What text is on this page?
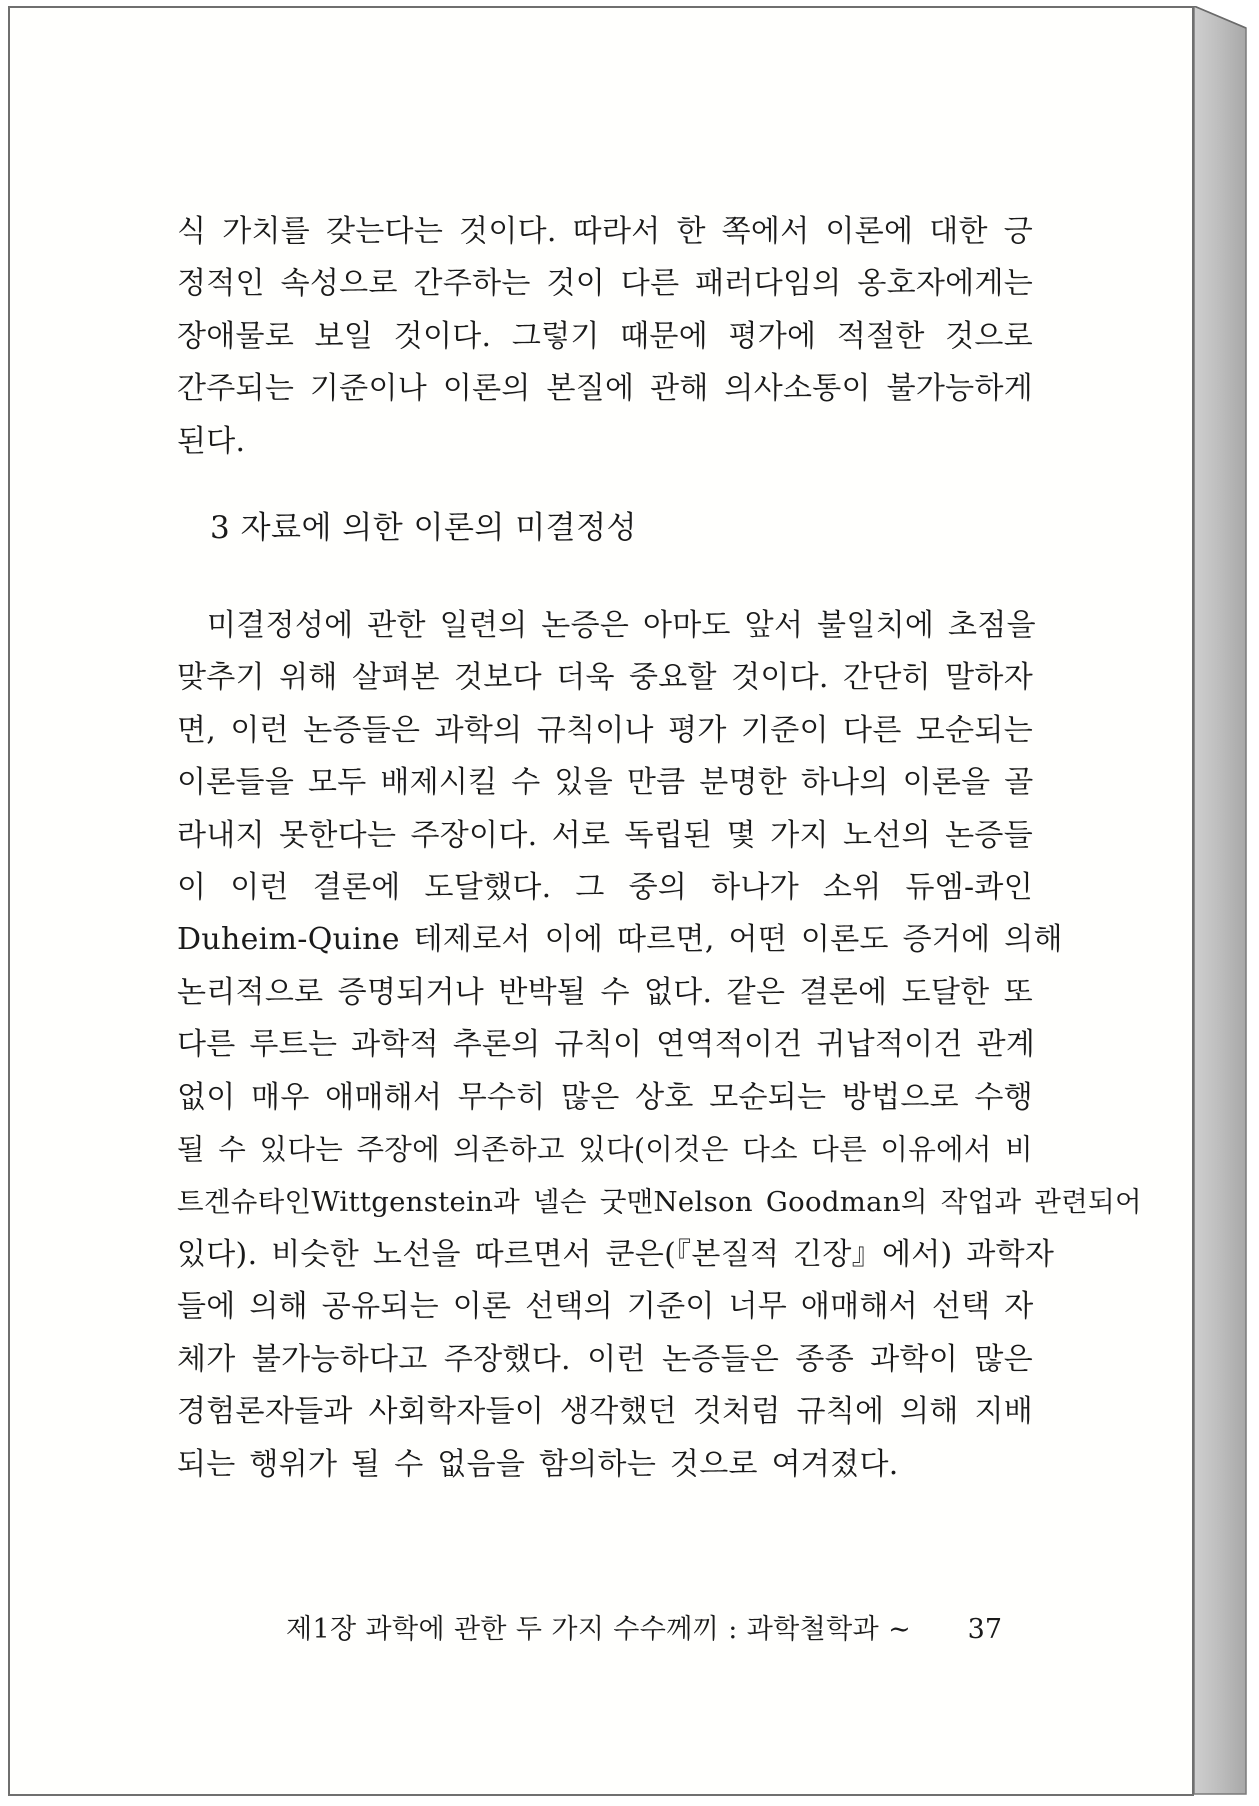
식 가치를 갖는다는 것이다. 따라서 한 쪽에서 이론에 대한 긍
정적인 속성으로 간주하는 것이 다른 패러다임의 옹호자에게는
장애물로 보일 것이다. 그렇기 때문에 평가에 적절한 것으로
간주되는 기준이나 이론의 본질에 관해 의사소통이 불가능하게
된다.

3 자료에 의한 이론의 미결정성

미결정성에 관한 일련의 논증은 아마도 앞서 불일치에 초점을
맞추기 위해 살펴본 것보다 더욱 중요할 것이다. 간단히 말하자
면, 이런 논증들은 과학의 규칙이나 평가 기준이 다른 모순되는
이론들을 모두 배제시킬 수 있을 만큼 분명한 하나의 이론을 골
라내지 못한다는 주장이다. 서로 독립된 몇 가지 노선의 논증들
이 이런 결론에 도달했다. 그 중의 하나가 소위 듀엠-콰인
Duheim-Quine 테제로서 이에 따르면, 어떤 이론도 증거에 의해
논리적으로 증명되거나 반박될 수 없다. 같은 결론에 도달한 또
다른 루트는 과학적 추론의 규칙이 연역적이건 귀납적이건 관계
없이 매우 애매해서 무수히 많은 상호 모순되는 방법으로 수행
될 수 있다는 주장에 의존하고 있다(이것은 다소 다른 이유에서 비
트겐슈타인Wittgenstein과 넬슨 굿맨Nelson Goodman의 작업과 관련되어
있다). 비슷한 노선을 따르면서 쿤은(『본질적 긴장』에서) 과학자
들에 의해 공유되는 이론 선택의 기준이 너무 애매해서 선택 자
체가 불가능하다고 주장했다. 이런 논증들은 종종 과학이 많은
경험론자들과 사회학자들이 생각했던 것처럼 규칙에 의해 지배
되는 행위가 될 수 없음을 함의하는 것으로 여겨졌다.

제1장 과학에 관한 두 가지 수수께끼 : 과학철학과 ∼ 37
